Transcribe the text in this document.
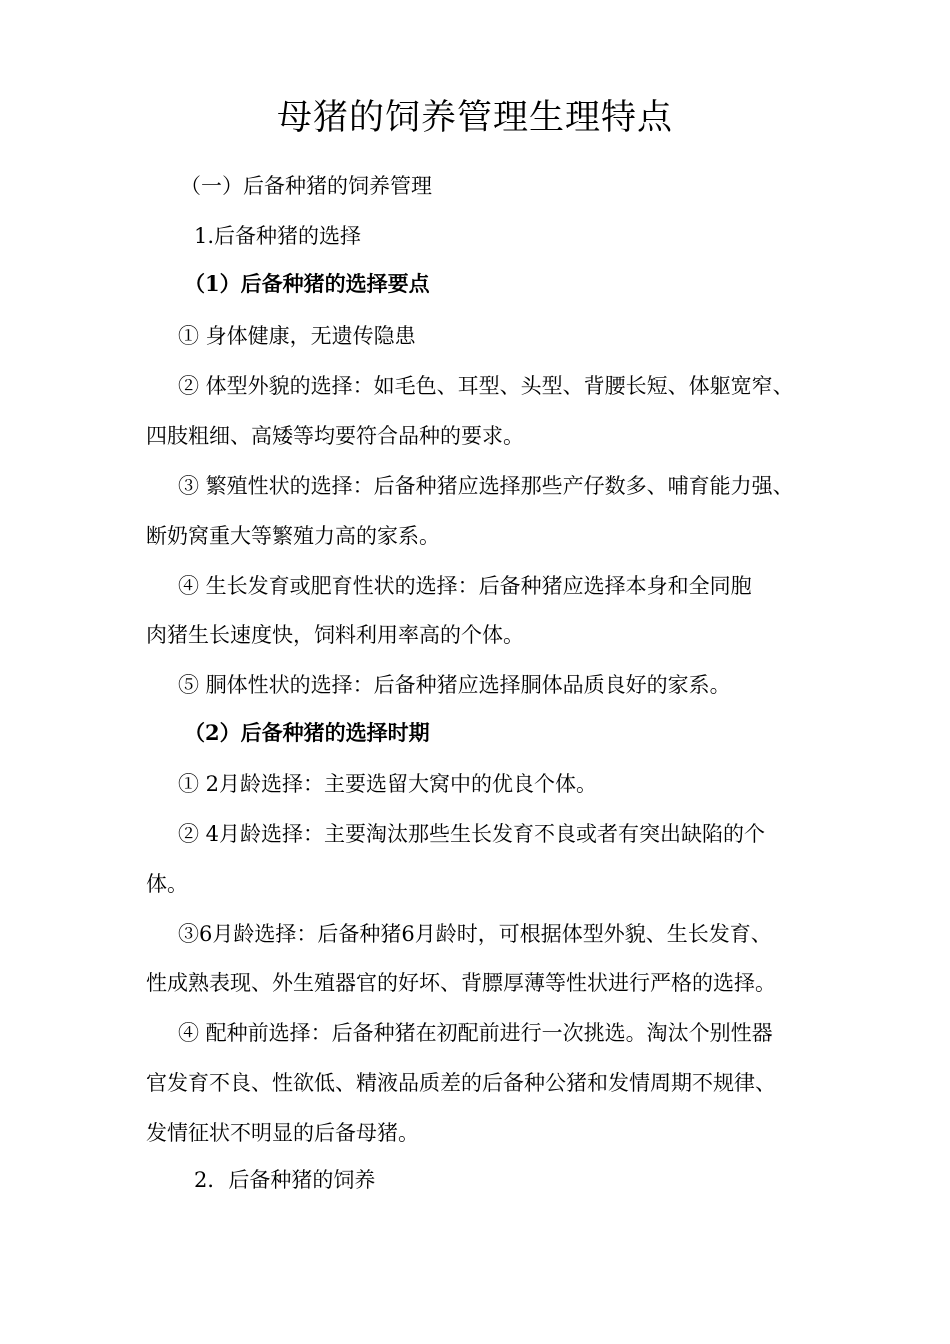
母猪的饲养管理生理特点
（一）后备种猪的饲养管理
1.后备种猪的选择
（1）后备种猪的选择要点
① 身体健康，无遗传隐患
② 体型外貌的选择：如毛色、耳型、头型、背腰长短、体躯宽窄、
四肢粗细、高矮等均要符合品种的要求。
③ 繁殖性状的选择：后备种猪应选择那些产仔数多、哺育能力强、
断奶窝重大等繁殖力高的家系。
④ 生长发育或肥育性状的选择：后备种猪应选择本身和全同胞
肉猪生长速度快，饲料利用率高的个体。
⑤ 胴体性状的选择：后备种猪应选择胴体品质良好的家系。
（2）后备种猪的选择时期
① 2月龄选择：主要选留大窝中的优良个体。
② 4月龄选择：主要淘汰那些生长发育不良或者有突出缺陷的个
体。
③6月龄选择：后备种猪6月龄时，可根据体型外貌、生长发育、
性成熟表现、外生殖器官的好坏、背膘厚薄等性状进行严格的选择。
④ 配种前选择：后备种猪在初配前进行一次挑选。淘汰个别性器
官发育不良、性欲低、精液品质差的后备种公猪和发情周期不规律、
发情征状不明显的后备母猪。
2．后备种猪的饲养
